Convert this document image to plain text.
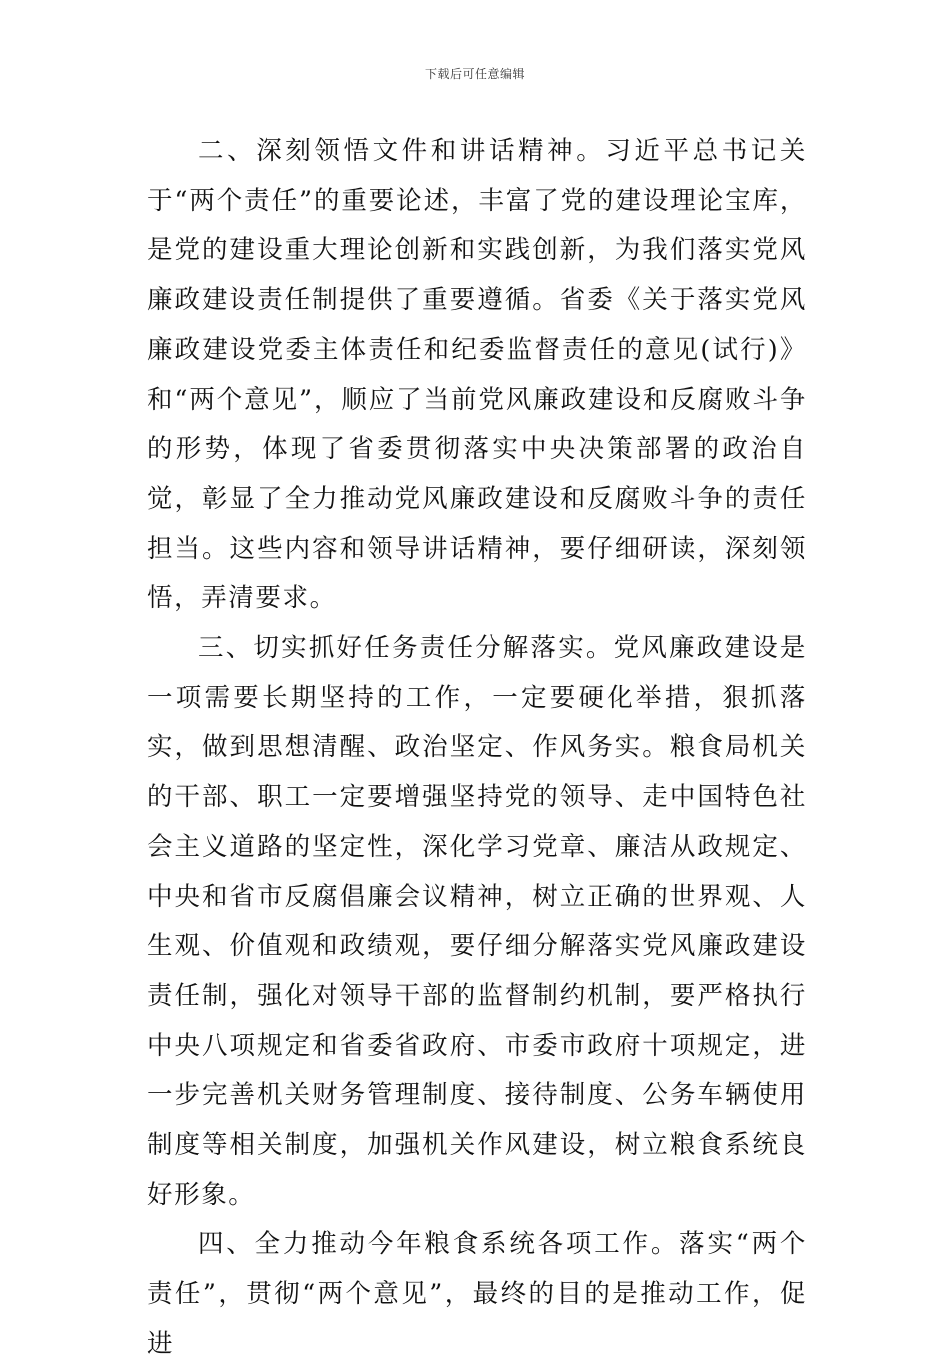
下载后可任意编辑

二、深刻领悟文件和讲话精神。习近平总书记关于“两个责任”的重要论述，丰富了党的建设理论宝库，是党的建设重大理论创新和实践创新，为我们落实党风廉政建设责任制提供了重要遵循。省委《关于落实党风廉政建设党委主体责任和纪委监督责任的意见(试行)》和“两个意见”，顺应了当前党风廉政建设和反腐败斗争的形势，体现了省委贯彻落实中央决策部署的政治自觉，彰显了全力推动党风廉政建设和反腐败斗争的责任担当。这些内容和领导讲话精神，要仔细研读，深刻领悟，弄清要求。

三、切实抓好任务责任分解落实。党风廉政建设是一项需要长期坚持的工作，一定要硬化举措，狠抓落实，做到思想清醒、政治坚定、作风务实。粮食局机关的干部、职工一定要增强坚持党的领导、走中国特色社会主义道路的坚定性，深化学习党章、廉洁从政规定、中央和省市反腐倡廉会议精神，树立正确的世界观、人生观、价值观和政绩观，要仔细分解落实党风廉政建设责任制，强化对领导干部的监督制约机制，要严格执行中央八项规定和省委省政府、市委市政府十项规定，进一步完善机关财务管理制度、接待制度、公务车辆使用制度等相关制度，加强机关作风建设，树立粮食系统良好形象。

四、全力推动今年粮食系统各项工作。落实“两个责任”，贯彻“两个意见”，最终的目的是推动工作，促进
